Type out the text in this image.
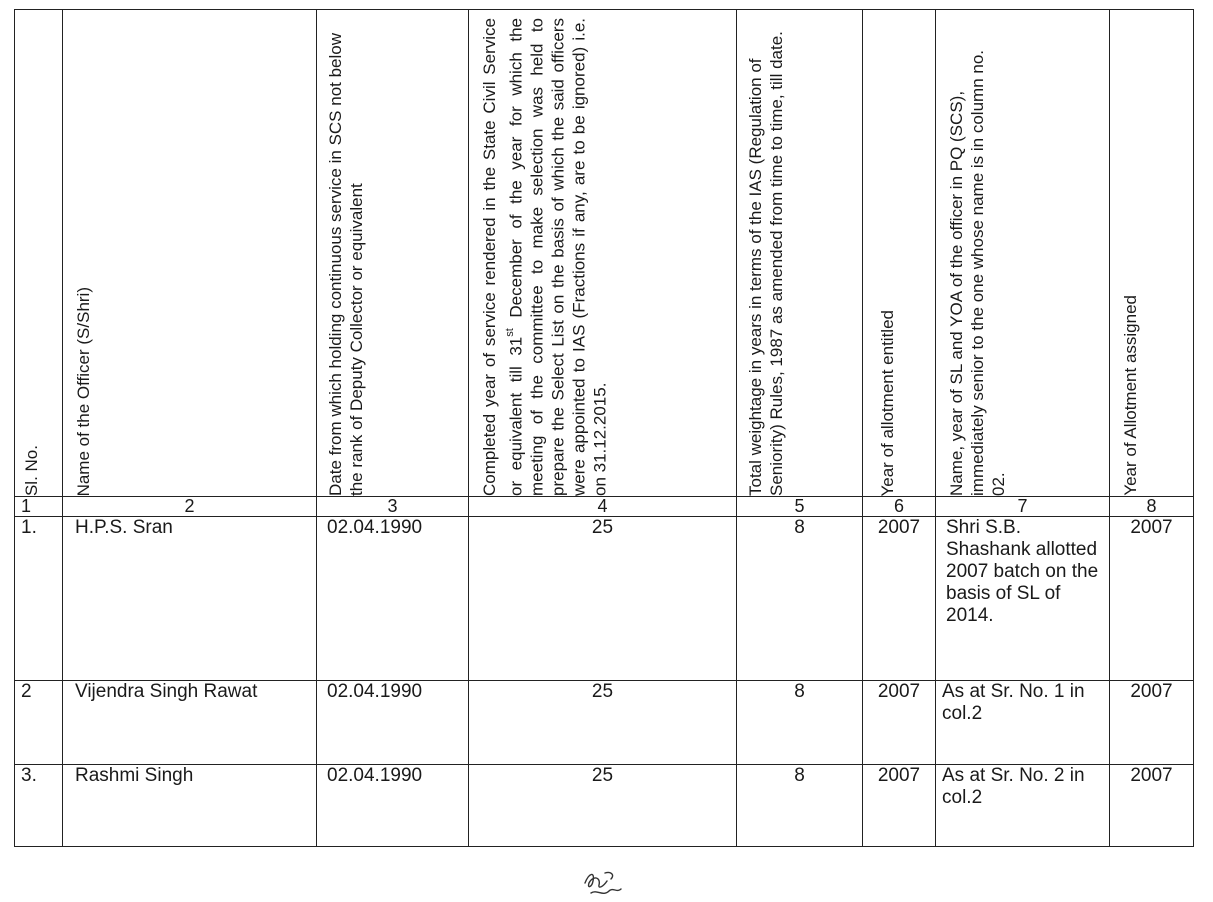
Sl. No.	Name of the Officer (S/Shri)	Date from which holding continuous service in SCS not below the rank of Deputy Collector or equivalent	Completed year of service rendered in the State Civil Service or equivalent till 31st December of the year for which the meeting of the committee to make selection was held to prepare the Select List on the basis of which the said officers were appointed to IAS (Fractions if any, are to be ignored) i.e. on 31.12.2015.	Total weightage in years in terms of the IAS (Regulation of Seniority) Rules, 1987 as amended from time to time, till date.	Year of allotment entitled	Name, year of SL and YOA of the officer in PQ (SCS), immediately senior to the one whose name is in column no. 02.	Year of Allotment assigned

1	2	3	4	5	6	7	8
1.	H.P.S. Sran	02.04.1990	25	8	2007	Shri S.B. Shashank allotted 2007 batch on the basis of SL of 2014.	2007
2	Vijendra Singh Rawat	02.04.1990	25	8	2007	As at Sr. No. 1 in col.2	2007
3.	Rashmi Singh	02.04.1990	25	8	2007	As at Sr. No. 2 in col.2	2007
